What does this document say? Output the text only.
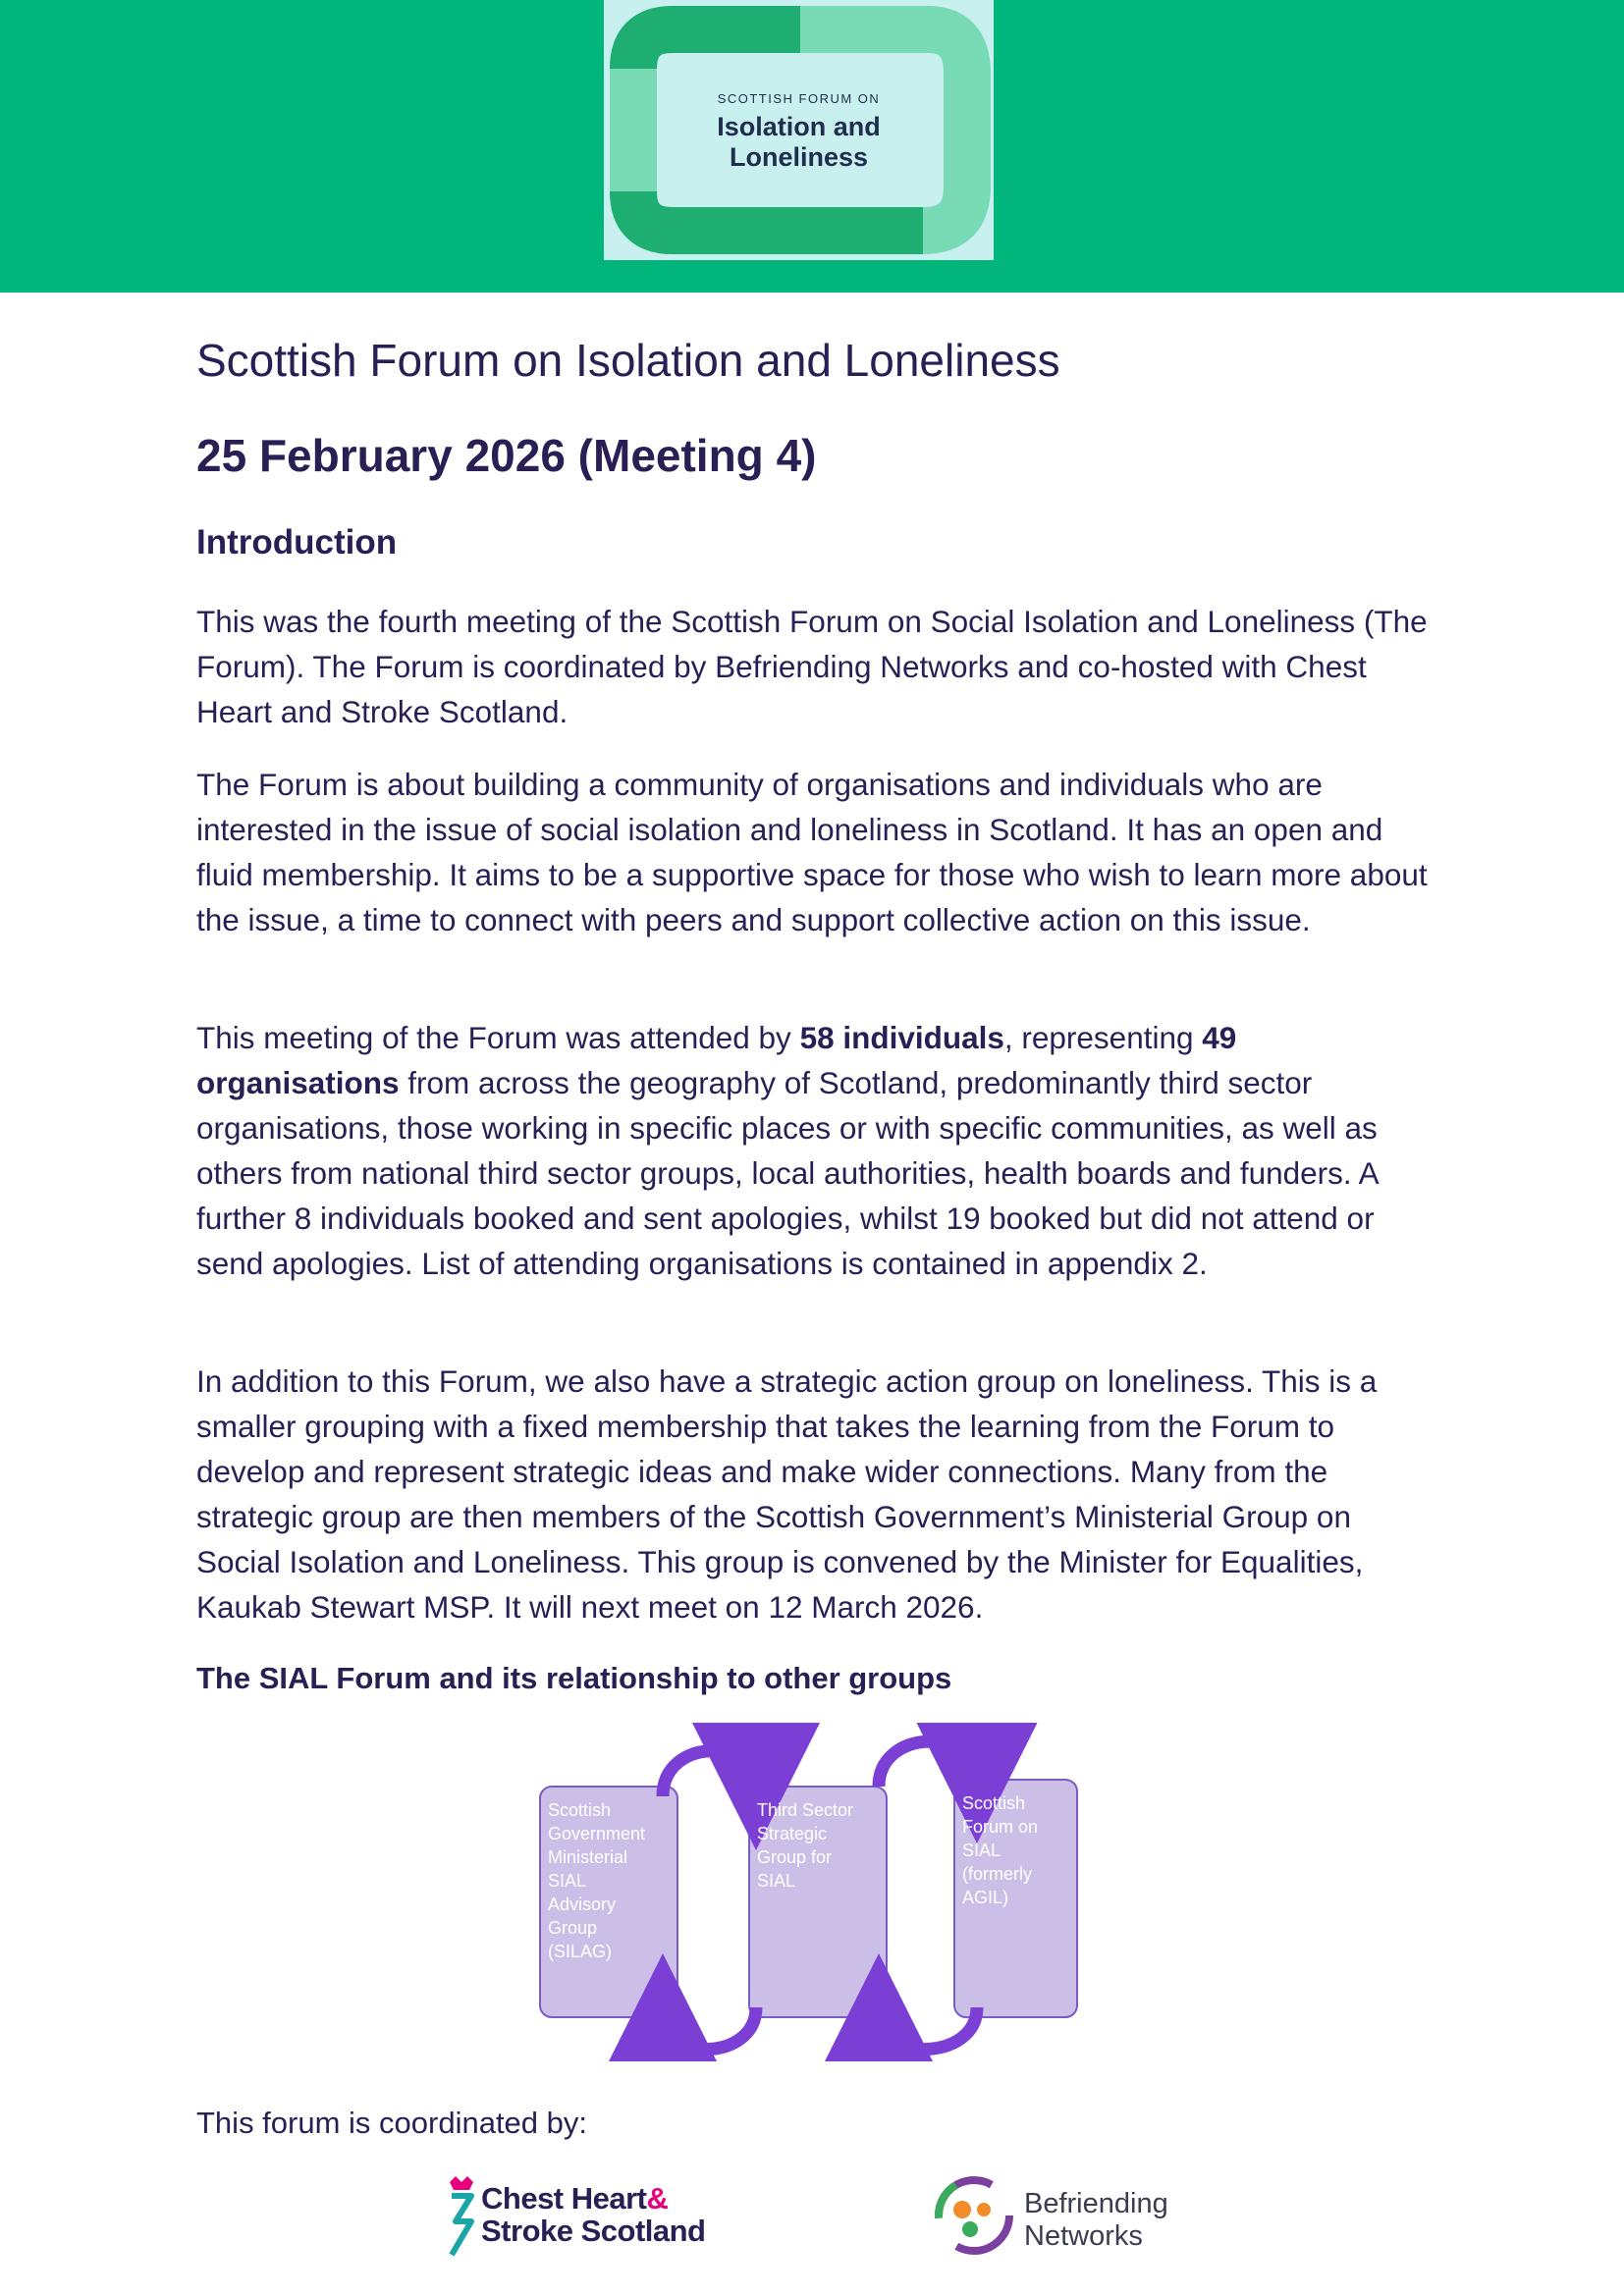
SCOTTISH FORUM ON
Isolation and
Loneliness
Scottish Forum on Isolation and Loneliness
25 February 2026 (Meeting 4)
Introduction

This was the fourth meeting of the Scottish Forum on Social Isolation and Loneliness (The Forum). The Forum is coordinated by Befriending Networks and co-hosted with Chest Heart and Stroke Scotland.

The Forum is about building a community of organisations and individuals who are interested in the issue of social isolation and loneliness in Scotland. It has an open and fluid membership. It aims to be a supportive space for those who wish to learn more about the issue, a time to connect with peers and support collective action on this issue.

This meeting of the Forum was attended by 58 individuals, representing 49 organisations from across the geography of Scotland, predominantly third sector organisations, those working in specific places or with specific communities, as well as others from national third sector groups, local authorities, health boards and funders. A further 8 individuals booked and sent apologies, whilst 19 booked but did not attend or send apologies. List of attending organisations is contained in appendix 2.

In addition to this Forum, we also have a strategic action group on loneliness. This is a smaller grouping with a fixed membership that takes the learning from the Forum to develop and represent strategic ideas and make wider connections. Many from the strategic group are then members of the Scottish Government’s Ministerial Group on Social Isolation and Loneliness. This group is convened by the Minister for Equalities, Kaukab Stewart MSP. It will next meet on 12 March 2026.

The SIAL Forum and its relationship to other groups
Scottish
Government
Ministerial
SIAL
Advisory
Group
(SILAG)
Third Sector
Strategic
Group for
SIAL
Scottish
Forum on
SIAL
(formerly
AGIL)
This forum is coordinated by:
Chest Heart&
Stroke Scotland
Befriending
Networks
